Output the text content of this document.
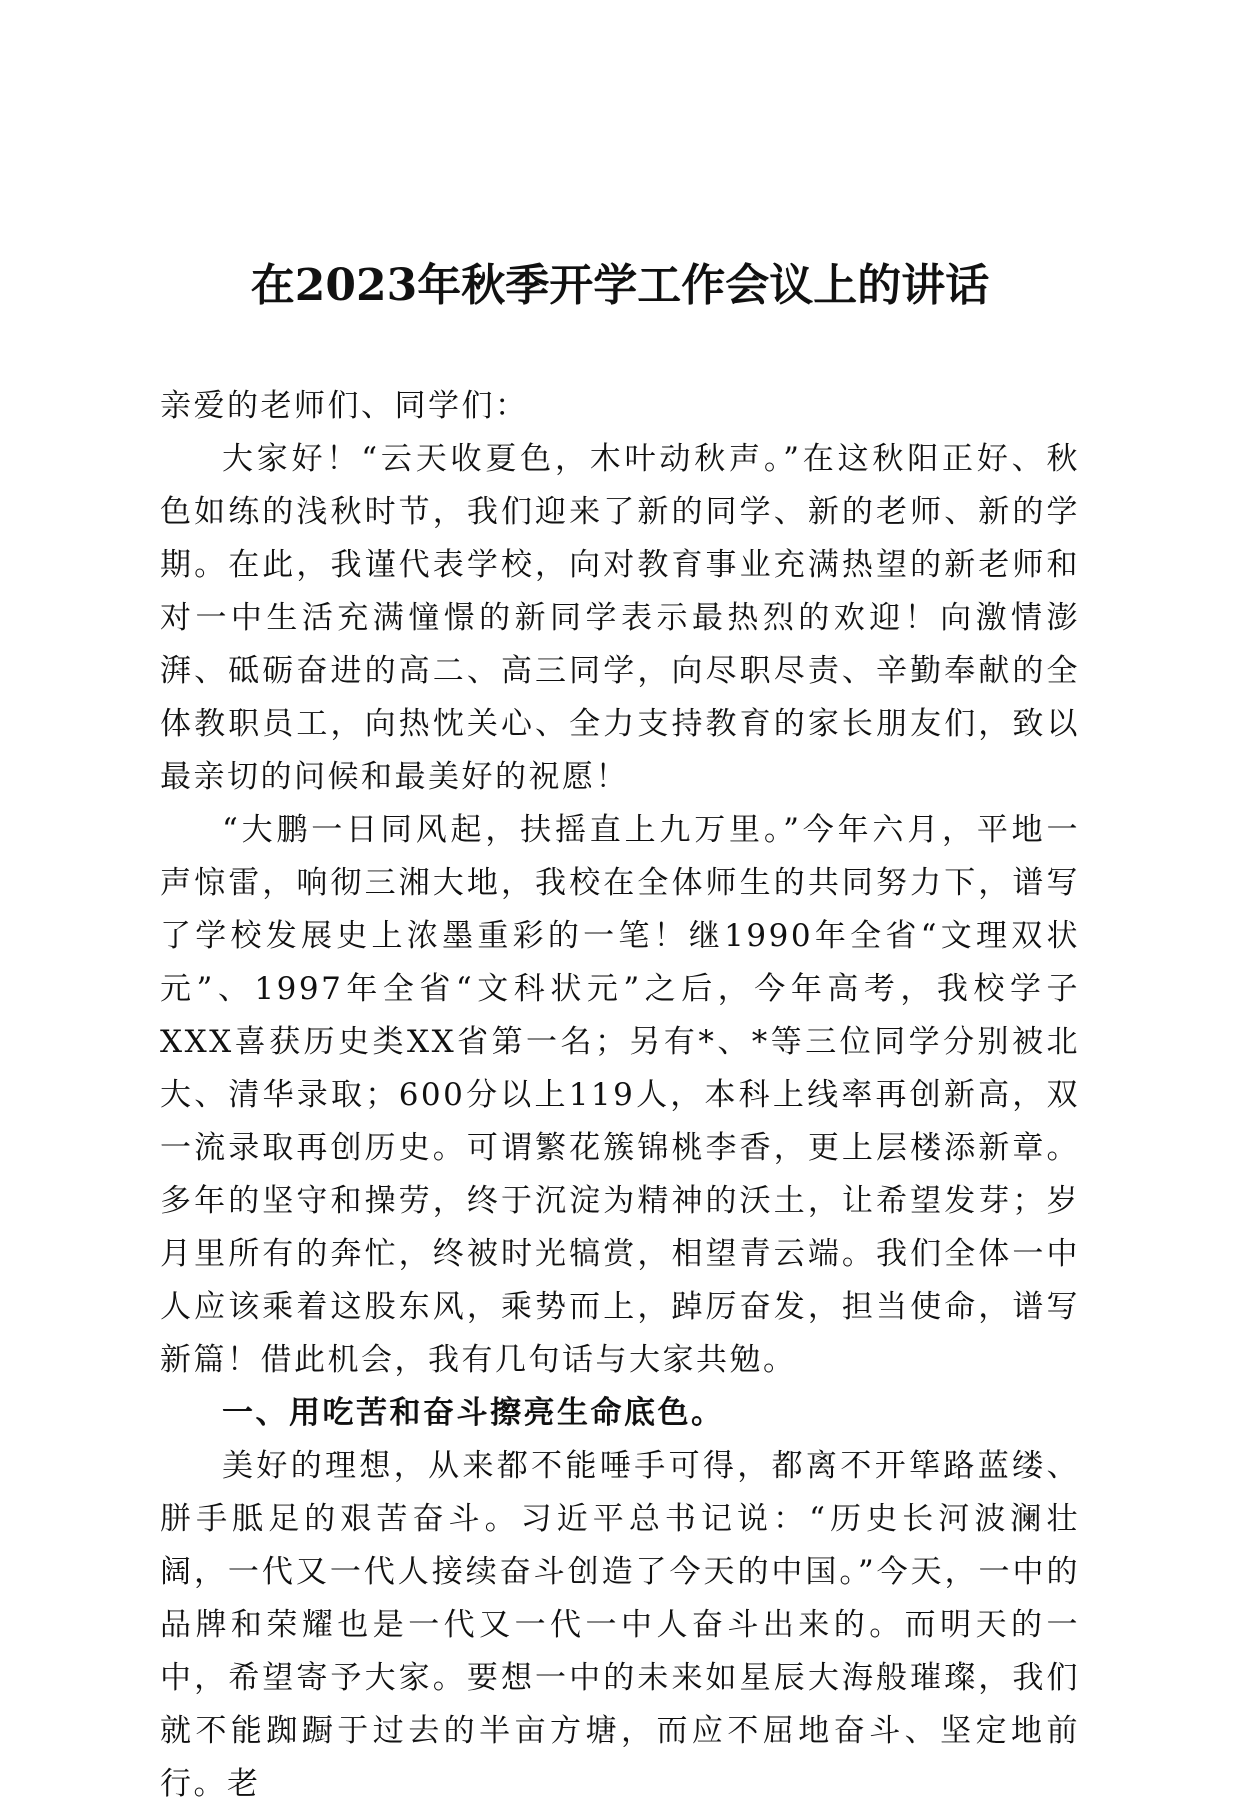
在2023年秋季开学工作会议上的讲话

亲爱的老师们、同学们：

大家好！“云天收夏色，木叶动秋声。”在这秋阳正好、秋色如练的浅秋时节，我们迎来了新的同学、新的老师、新的学期。在此，我谨代表学校，向对教育事业充满热望的新老师和对一中生活充满憧憬的新同学表示最热烈的欢迎！向激情澎湃、砥砺奋进的高二、高三同学，向尽职尽责、辛勤奉献的全体教职员工，向热忱关心、全力支持教育的家长朋友们，致以最亲切的问候和最美好的祝愿！

“大鹏一日同风起，扶摇直上九万里。”今年六月，平地一声惊雷，响彻三湘大地，我校在全体师生的共同努力下，谱写了学校发展史上浓墨重彩的一笔！继1990年全省“文理双状元”、1997年全省“文科状元”之后，今年高考，我校学子XXX喜获历史类XX省第一名；另有*、*等三位同学分别被北大、清华录取；600分以上119人，本科上线率再创新高，双一流录取再创历史。可谓繁花簇锦桃李香，更上层楼添新章。多年的坚守和操劳，终于沉淀为精神的沃土，让希望发芽；岁月里所有的奔忙，终被时光犒赏，相望青云端。我们全体一中人应该乘着这股东风，乘势而上，踔厉奋发，担当使命，谱写新篇！借此机会，我有几句话与大家共勉。

一、用吃苦和奋斗擦亮生命底色。

美好的理想，从来都不能唾手可得，都离不开筚路蓝缕、胼手胝足的艰苦奋斗。习近平总书记说：“历史长河波澜壮阔，一代又一代人接续奋斗创造了今天的中国。”今天，一中的品牌和荣耀也是一代又一代一中人奋斗出来的。而明天的一中，希望寄予大家。要想一中的未来如星辰大海般璀璨，我们就不能踟蹰于过去的半亩方塘，而应不屈地奋斗、坚定地前行。老
